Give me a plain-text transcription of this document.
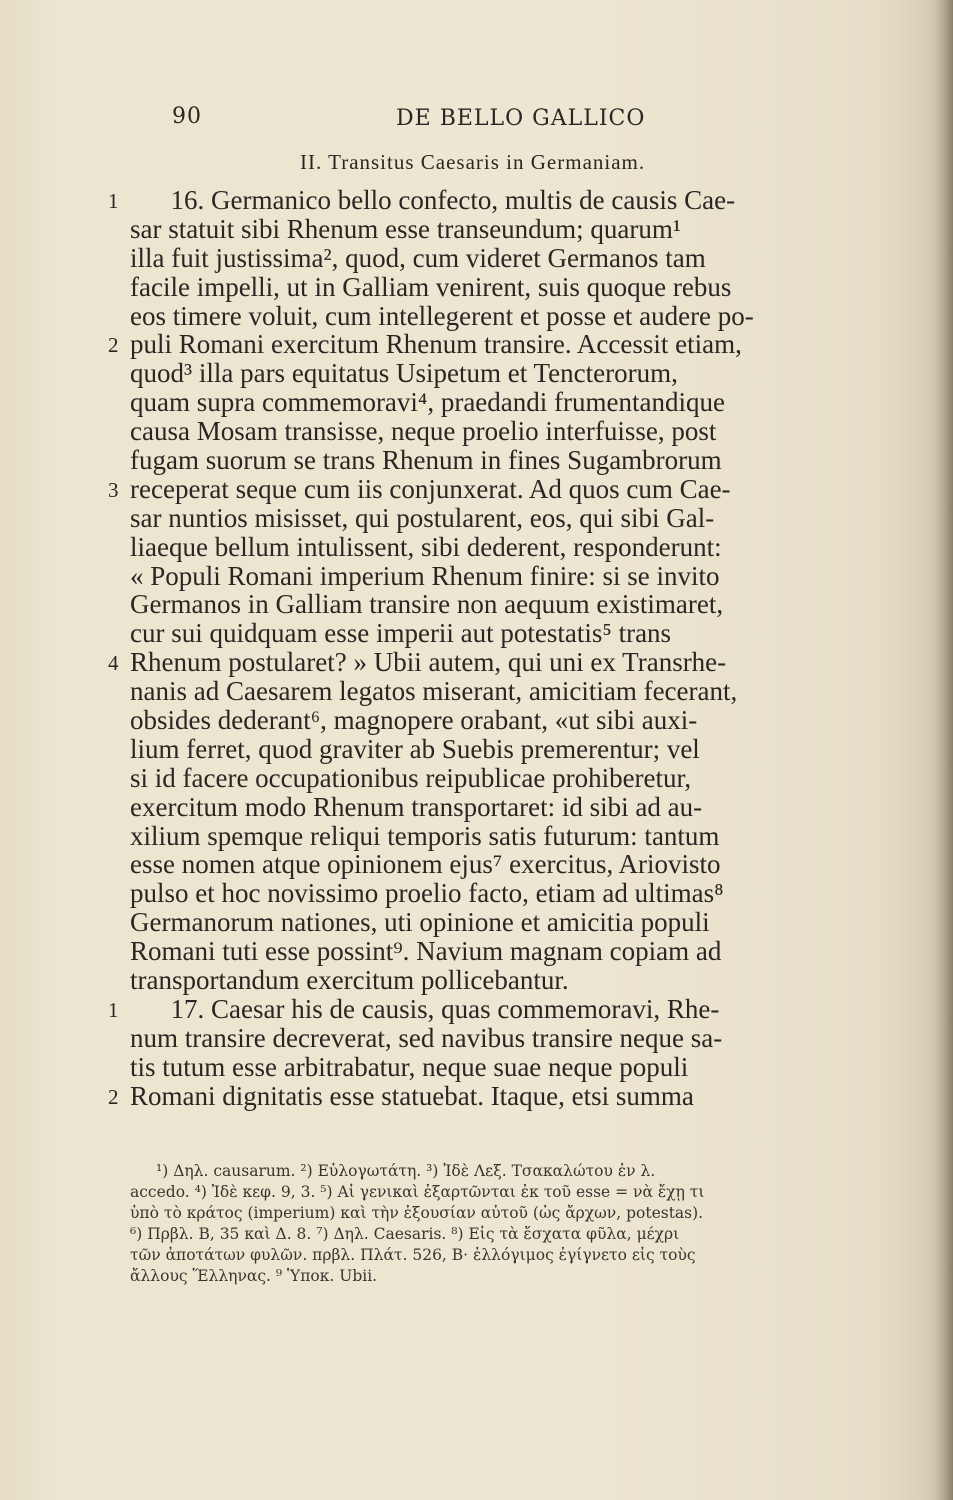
90	DE BELLO GALLICO
II. Transitus Caesaris in Germaniam.
1 16. Germanico bello confecto, multis de causis Cae-
sar statuit sibi Rhenum esse transeundum; quarum¹
illa fuit justissima², quod, cum videret Germanos tam
facile impelli, ut in Galliam venirent, suis quoque rebus
eos timere voluit, cum intellegerent et posse et audere po-
2 puli Romani exercitum Rhenum transire. Accessit etiam,
quod³ illa pars equitatus Usipetum et Tencterorum,
quam supra commemoravi⁴, praedandi frumentandique
causa Mosam transisse, neque proelio interfuisse, post
fugam suorum se trans Rhenum in fines Sugambrorum
3 receperat seque cum iis conjunxerat. Ad quos cum Cae-
sar nuntios misisset, qui postularent, eos, qui sibi Gal-
liaeque bellum intulissent, sibi dederent, responderunt:
« Populi Romani imperium Rhenum finire: si se invito
Germanos in Galliam transire non aequum existimaret,
cur sui quidquam esse imperii aut potestatis⁵ trans
4 Rhenum postularet? » Ubii autem, qui uni ex Transrhe-
nanis ad Caesarem legatos miserant, amicitiam fecerant,
obsides dederant⁶, magnopere orabant, «ut sibi auxi-
lium ferret, quod graviter ab Suebis premerentur; vel
si id facere occupationibus reipublicae prohiberetur,
exercitum modo Rhenum transportaret: id sibi ad au-
xilium spemque reliqui temporis satis futurum: tantum
esse nomen atque opinionem ejus⁷ exercitus, Ariovisto
pulso et hoc novissimo proelio facto, etiam ad ultimas⁸
Germanorum nationes, uti opinione et amicitia populi
Romani tuti esse possint⁹. Navium magnam copiam ad
transportandum exercitum pollicebantur.
1 17. Caesar his de causis, quas commemoravi, Rhe-
num transire decreverat, sed navibus transire neque sa-
tis tutum esse arbitrabatur, neque suae neque populi
2 Romani dignitatis esse statuebat. Itaque, etsi summa
¹) Δηλ. causarum. ²) Εὐλογωτάτη. ³) Ἰδὲ Λεξ. Τσακαλώτου ἐν λ.
accedo. ⁴) Ἰδὲ κεφ. 9, 3. ⁵) Αἱ γενικαὶ ἐξαρτῶνται ἐκ τοῦ esse = νὰ ἔχῃ τι
ὑπὸ τὸ κράτος (imperium) καὶ τὴν ἐξουσίαν αὐτοῦ (ὡς ἄρχων, potestas).
⁶) Πρβλ. Β, 35 καὶ Δ. 8. ⁷) Δηλ. Caesaris. ⁸) Εἰς τὰ ἔσχατα φῦλα, μέχρι
τῶν ἀποτάτων φυλῶν. πρβλ. Πλάτ. 526, Β· ἐλλόγιμος ἐγίγνετο εἰς τοὺς
ἄλλους Ἕλληνας. ⁹ Ὑποκ. Ubii.
